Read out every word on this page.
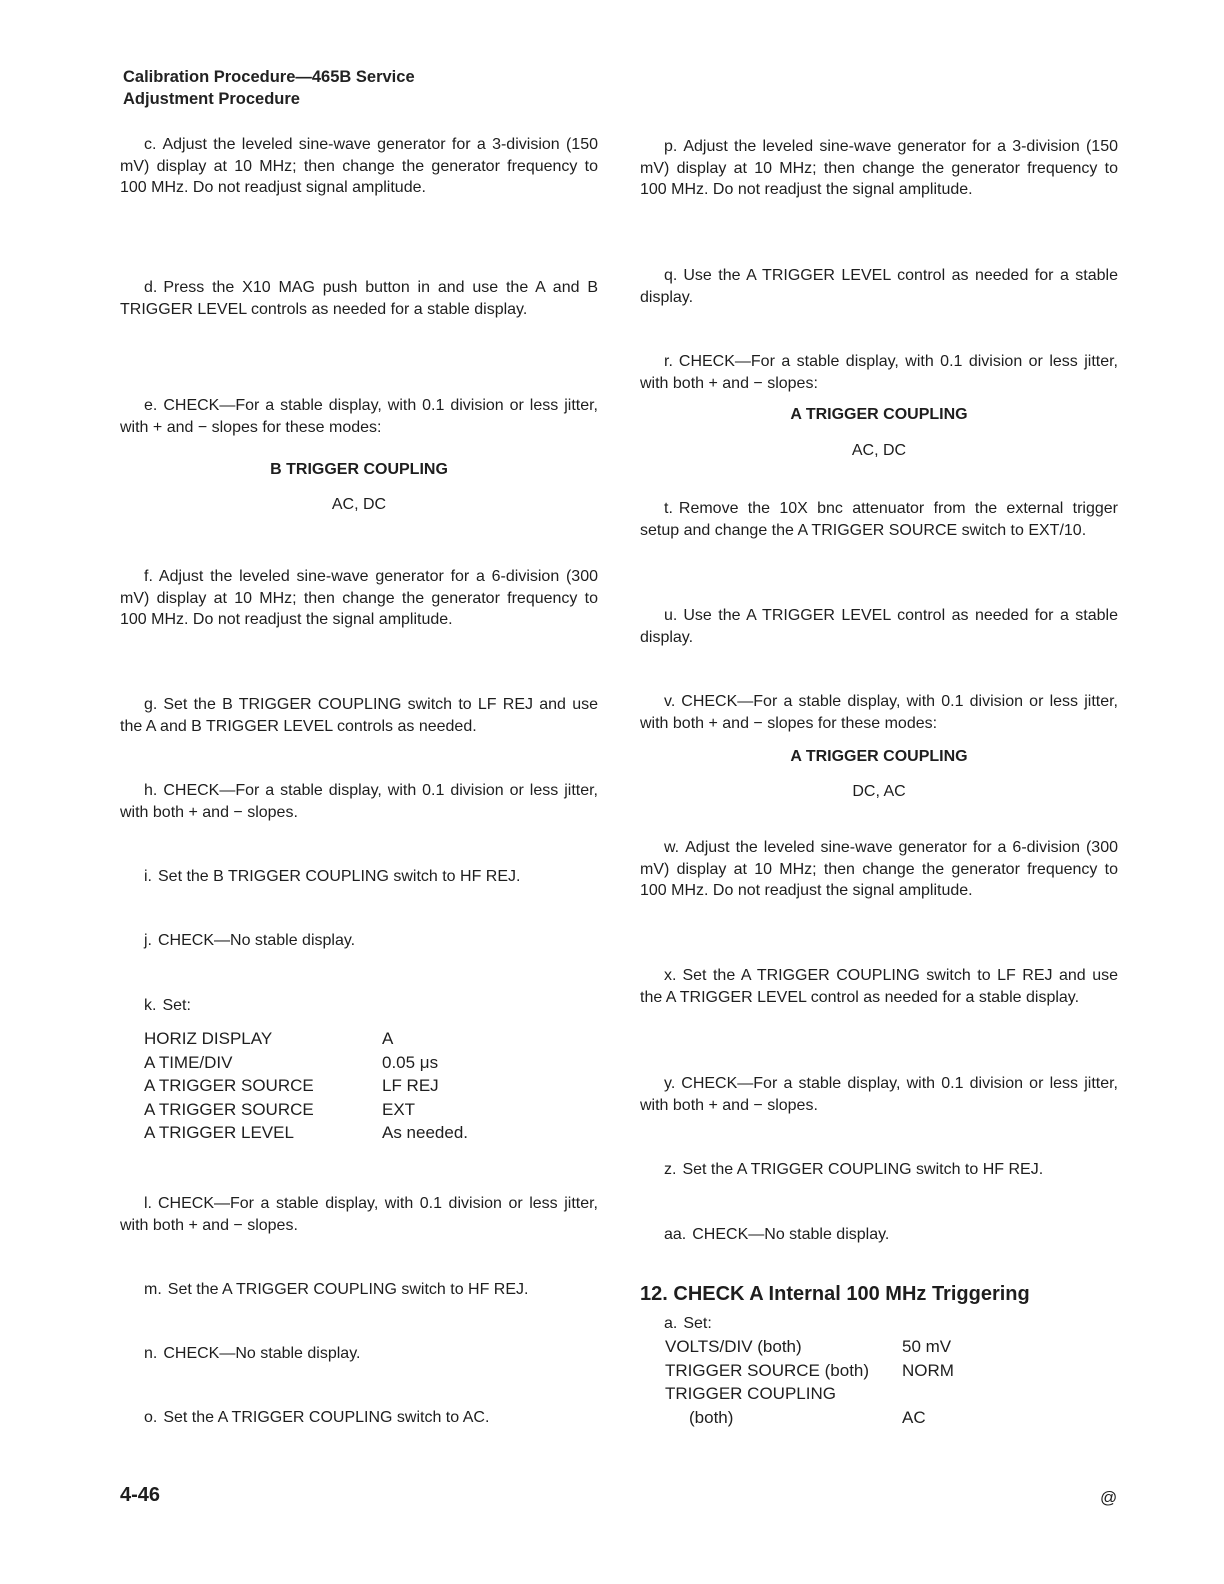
Calibration Procedure—465B Service
Adjustment Procedure
c. Adjust the leveled sine-wave generator for a 3-division (150 mV) display at 10 MHz; then change the generator frequency to 100 MHz. Do not readjust signal amplitude.
d. Press the X10 MAG push button in and use the A and B TRIGGER LEVEL controls as needed for a stable display.
e. CHECK—For a stable display, with 0.1 division or less jitter, with + and − slopes for these modes:
B TRIGGER COUPLING
AC, DC
f. Adjust the leveled sine-wave generator for a 6-division (300 mV) display at 10 MHz; then change the generator frequency to 100 MHz. Do not readjust the signal amplitude.
g. Set the B TRIGGER COUPLING switch to LF REJ and use the A and B TRIGGER LEVEL controls as needed.
h. CHECK—For a stable display, with 0.1 division or less jitter, with both + and − slopes.
i. Set the B TRIGGER COUPLING switch to HF REJ.
j. CHECK—No stable display.
k. Set:
HORIZ DISPLAY	A
A TIME/DIV	0.05 μs
A TRIGGER SOURCE	LF REJ
A TRIGGER SOURCE	EXT
A TRIGGER LEVEL	As needed.
l. CHECK—For a stable display, with 0.1 division or less jitter, with both + and − slopes.
m. Set the A TRIGGER COUPLING switch to HF REJ.
n. CHECK—No stable display.
o. Set the A TRIGGER COUPLING switch to AC.
p. Adjust the leveled sine-wave generator for a 3-division (150 mV) display at 10 MHz; then change the generator frequency to 100 MHz. Do not readjust the signal amplitude.
q. Use the A TRIGGER LEVEL control as needed for a stable display.
r. CHECK—For a stable display, with 0.1 division or less jitter, with both + and − slopes:
A TRIGGER COUPLING
AC, DC
t. Remove the 10X bnc attenuator from the external trigger setup and change the A TRIGGER SOURCE switch to EXT/10.
u. Use the A TRIGGER LEVEL control as needed for a stable display.
v. CHECK—For a stable display, with 0.1 division or less jitter, with both + and − slopes for these modes:
A TRIGGER COUPLING
DC, AC
w. Adjust the leveled sine-wave generator for a 6-division (300 mV) display at 10 MHz; then change the generator frequency to 100 MHz. Do not readjust the signal amplitude.
x. Set the A TRIGGER COUPLING switch to LF REJ and use the A TRIGGER LEVEL control as needed for a stable display.
y. CHECK—For a stable display, with 0.1 division or less jitter, with both + and − slopes.
z. Set the A TRIGGER COUPLING switch to HF REJ.
aa. CHECK—No stable display.
12. CHECK A Internal 100 MHz Triggering
a. Set:
VOLTS/DIV (both)	50 mV
TRIGGER SOURCE (both)	NORM
TRIGGER COUPLING	
(both)	AC
4-46	@
